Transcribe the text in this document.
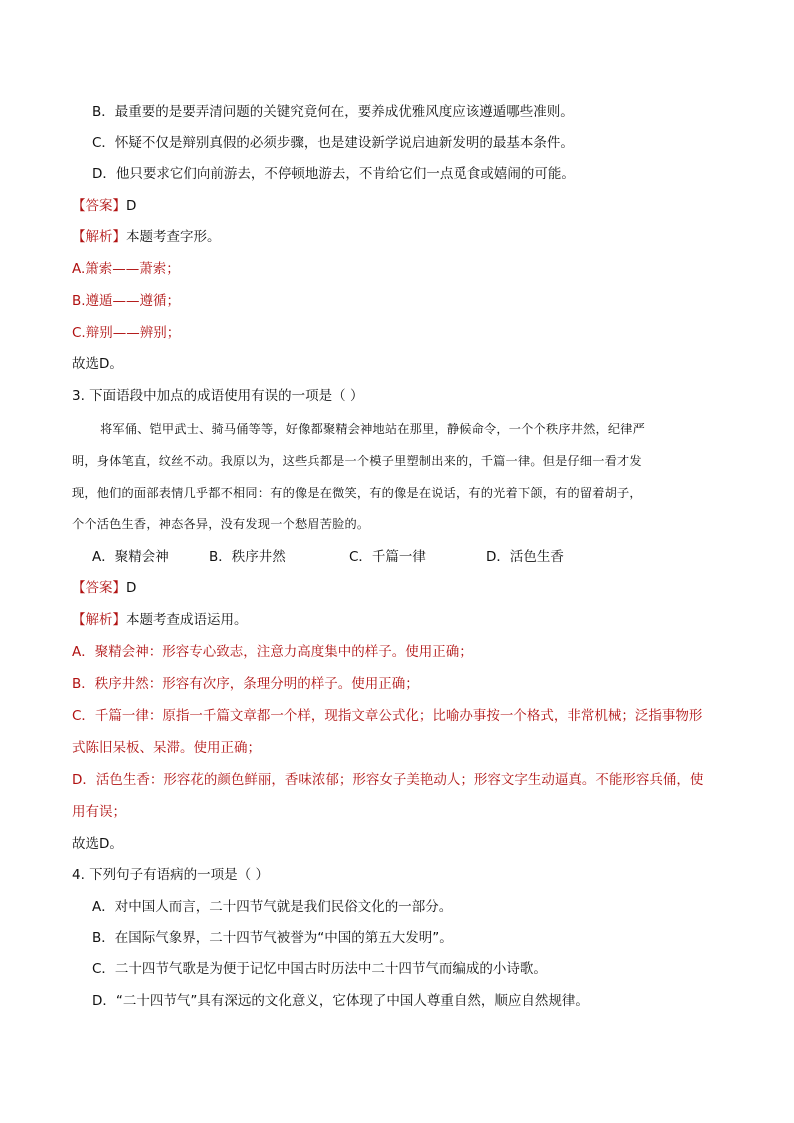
B．最重要的是要弄清问题的关键究竟何在，要养成优雅风度应该遵遁哪些准则。

C．怀疑不仅是辩别真假的必须步骤，也是建设新学说启迪新发明的最基本条件。

D．他只要求它们向前游去，不停顿地游去，不肯给它们一点觅食或嬉闹的可能。

【答案】D

【解析】本题考查字形。

A.箫索——萧索；

B.遵遁——遵循；

C.辩别——辨别；

故选D。

3. 下面语段中加点的成语使用有误的一项是（ ）

将军俑、铠甲武士、骑马俑等等，好像都聚精会神地站在那里，静候命令，一个个秩序井然，纪律严

明，身体笔直，纹丝不动。我原以为，这些兵都是一个模子里塑制出来的，千篇一律。但是仔细一看才发

现，他们的面部表情几乎都不相同：有的像是在微笑，有的像是在说话，有的光着下颌，有的留着胡子，

个个活色生香，神态各异，没有发现一个愁眉苦脸的。

A．聚精会神	B．秩序井然	C．千篇一律	D．活色生香

【答案】D

【解析】本题考查成语运用。

A．聚精会神：形容专心致志，注意力高度集中的样子。使用正确；

B．秩序井然：形容有次序，条理分明的样子。使用正确；

C．千篇一律：原指一千篇文章都一个样，现指文章公式化；比喻办事按一个格式，非常机械；泛指事物形

式陈旧呆板、呆滞。使用正确；

D．活色生香：形容花的颜色鲜丽，香味浓郁；形容女子美艳动人；形容文字生动逼真。不能形容兵俑，使

用有误；

故选D。

4. 下列句子有语病的一项是（ ）

A．对中国人而言，二十四节气就是我们民俗文化的一部分。

B．在国际气象界，二十四节气被誉为“中国的第五大发明”。

C．二十四节气歌是为便于记忆中国古时历法中二十四节气而编成的小诗歌。

D．“二十四节气”具有深远的文化意义，它体现了中国人尊重自然，顺应自然规律。
